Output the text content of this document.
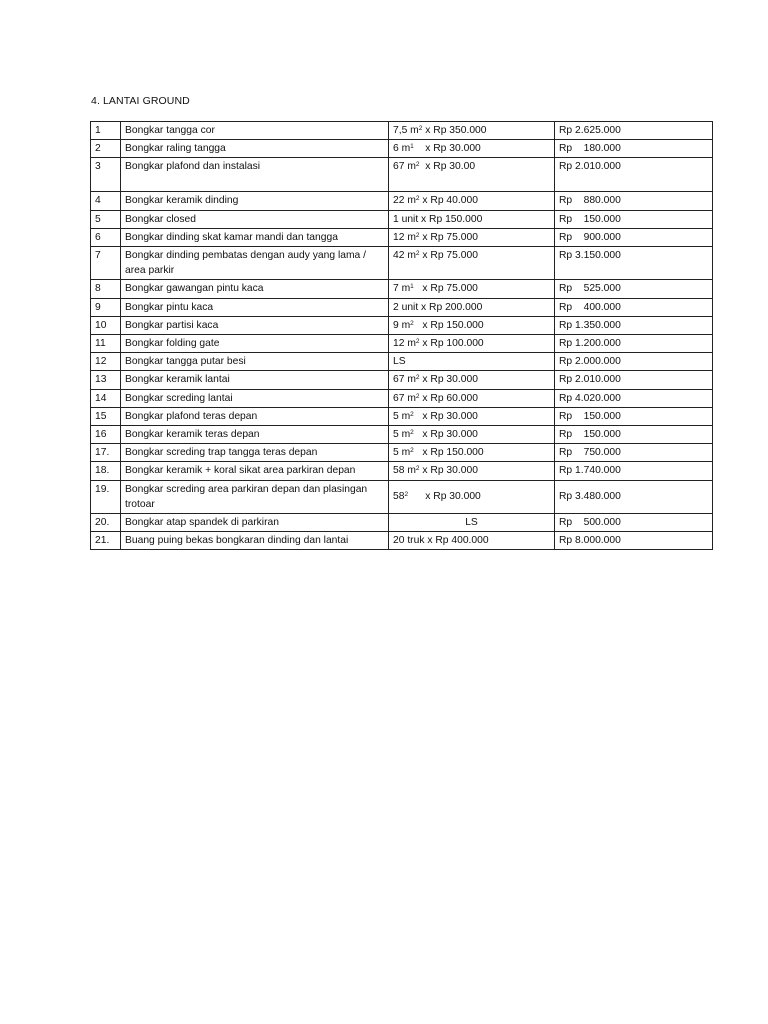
4. LANTAI GROUND
1	Bongkar tangga cor	7,5 $m^2$ x Rp 350.000	Rp 2.625.000
2	Bongkar raling tangga	6 $m^1$    x Rp 30.000	Rp    180.000
3	Bongkar plafond dan instalasi	67 $m^2$  x Rp 30.00	Rp 2.010.000
4	Bongkar keramik dinding	22 $m^2$ x Rp 40.000	Rp    880.000
5	Bongkar closed	1 unit x Rp 150.000	Rp    150.000
6	Bongkar dinding skat kamar mandi dan tangga	12 $m^2$ x Rp 75.000	Rp    900.000
7	Bongkar dinding pembatas dengan audy yang lama / area parkir	42 $m^2$ x Rp 75.000	Rp 3.150.000
8	Bongkar gawangan pintu kaca	7 $m^1$   x Rp 75.000	Rp    525.000
9	Bongkar pintu kaca	2 unit x Rp 200.000	Rp    400.000
10	Bongkar partisi kaca	9 $m^2$   x Rp 150.000	Rp 1.350.000
11	Bongkar folding gate	12 $m^2$ x Rp 100.000	Rp 1.200.000
12	Bongkar tangga putar besi	LS	Rp 2.000.000
13	Bongkar keramik lantai	67 $m^2$ x Rp 30.000	Rp 2.010.000
14	Bongkar screding lantai	67 $m^2$ x Rp 60.000	Rp 4.020.000
15	Bongkar plafond teras depan	5 $m^2$   x Rp 30.000	Rp    150.000
16	Bongkar keramik teras depan	5 $m^2$   x Rp 30.000	Rp    150.000
17.	Bongkar screding trap tangga teras depan	5 $m^2$   x Rp 150.000	Rp    750.000
18.	Bongkar keramik + koral sikat area parkiran depan	58 $m^2$ x Rp 30.000	Rp 1.740.000
19.	Bongkar screding area parkiran depan dan plasingan trotoar	$58^2$      x Rp 30.000	Rp 3.480.000
20.	Bongkar atap spandek di parkiran	LS	Rp    500.000
21.	Buang puing bekas bongkaran dinding dan lantai	20 truk x Rp 400.000	Rp 8.000.000
